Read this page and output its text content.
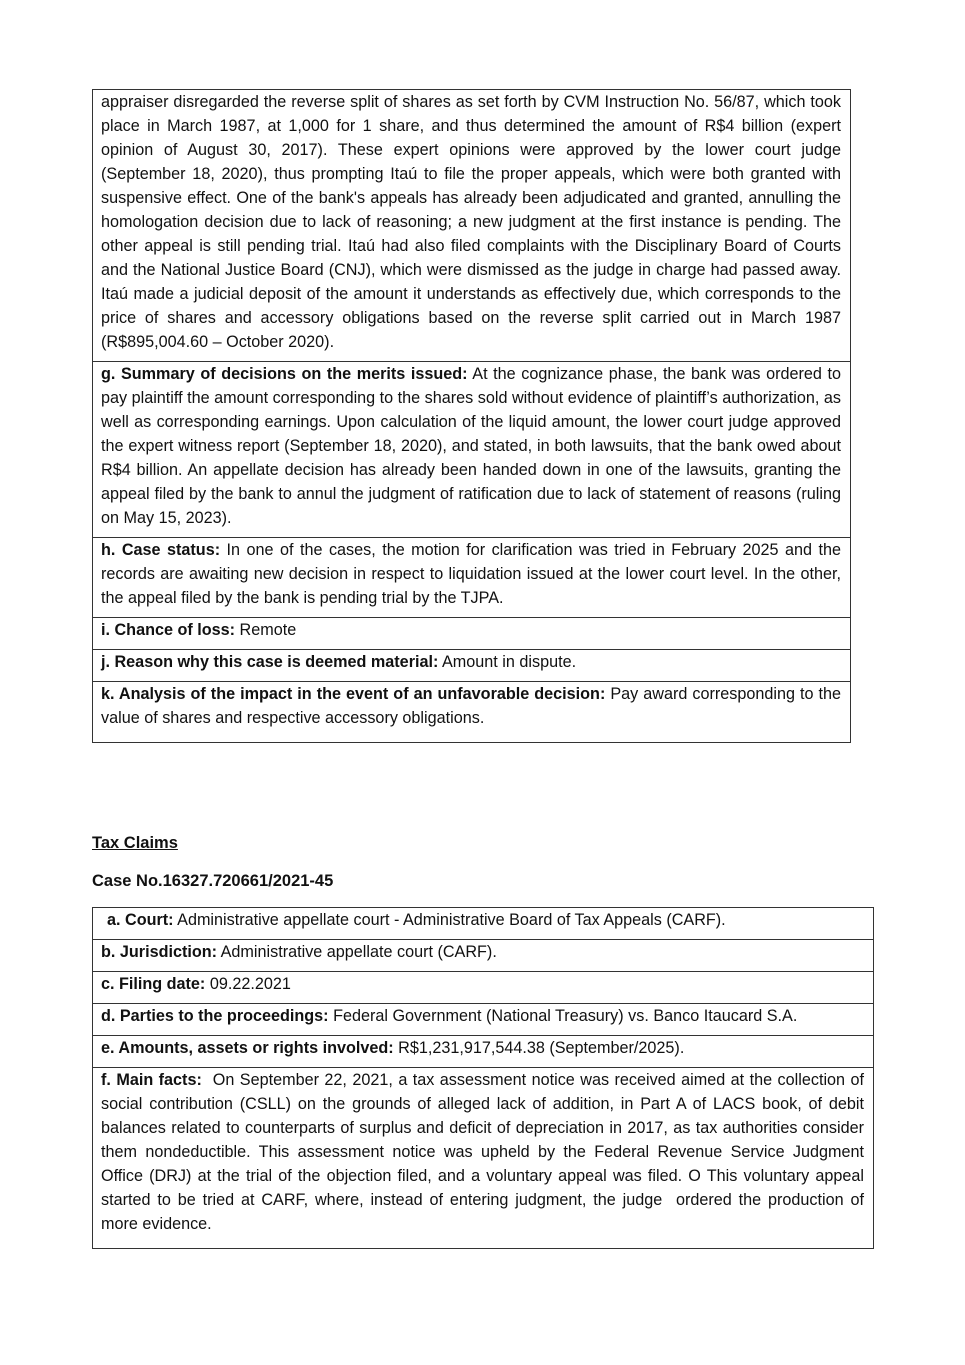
appraiser disregarded the reverse split of shares as set forth by CVM Instruction No. 56/87, which took place in March 1987, at 1,000 for 1 share, and thus determined the amount of R$4 billion (expert opinion of August 30, 2017). These expert opinions were approved by the lower court judge (September 18, 2020), thus prompting Itaú to file the proper appeals, which were both granted with suspensive effect. One of the bank's appeals has already been adjudicated and granted, annulling the homologation decision due to lack of reasoning; a new judgment at the first instance is pending. The other appeal is still pending trial. Itaú had also filed complaints with the Disciplinary Board of Courts and the National Justice Board (CNJ), which were dismissed as the judge in charge had passed away. Itaú made a judicial deposit of the amount it understands as effectively due, which corresponds to the price of shares and accessory obligations based on the reverse split carried out in March 1987 (R$895,004.60 – October 2020).
g. Summary of decisions on the merits issued: At the cognizance phase, the bank was ordered to pay plaintiff the amount corresponding to the shares sold without evidence of plaintiff’s authorization, as well as corresponding earnings. Upon calculation of the liquid amount, the lower court judge approved the expert witness report (September 18, 2020), and stated, in both lawsuits, that the bank owed about R$4 billion. An appellate decision has already been handed down in one of the lawsuits, granting the appeal filed by the bank to annul the judgment of ratification due to lack of statement of reasons (ruling on May 15, 2023).
h. Case status: In one of the cases, the motion for clarification was tried in February 2025 and the records are awaiting new decision in respect to liquidation issued at the lower court level. In the other, the appeal filed by the bank is pending trial by the TJPA.
i. Chance of loss: Remote
j. Reason why this case is deemed material: Amount in dispute.
k. Analysis of the impact in the event of an unfavorable decision: Pay award corresponding to the value of shares and respective accessory obligations.
Tax Claims
Case No.16327.720661/2021-45
a. Court: Administrative appellate court - Administrative Board of Tax Appeals (CARF).
b. Jurisdiction: Administrative appellate court (CARF).
c. Filing date: 09.22.2021
d. Parties to the proceedings: Federal Government (National Treasury) vs. Banco Itaucard S.A.
e. Amounts, assets or rights involved: R$1,231,917,544.38 (September/2025).
f. Main facts:  On September 22, 2021, a tax assessment notice was received aimed at the collection of social contribution (CSLL) on the grounds of alleged lack of addition, in Part A of LACS book, of debit balances related to counterparts of surplus and deficit of depreciation in 2017, as tax authorities consider them nondeductible. This assessment notice was upheld by the Federal Revenue Service Judgment Office (DRJ) at the trial of the objection filed, and a voluntary appeal was filed. O This voluntary appeal started to be tried at CARF, where, instead of entering judgment, the judge  ordered the production of more evidence.
